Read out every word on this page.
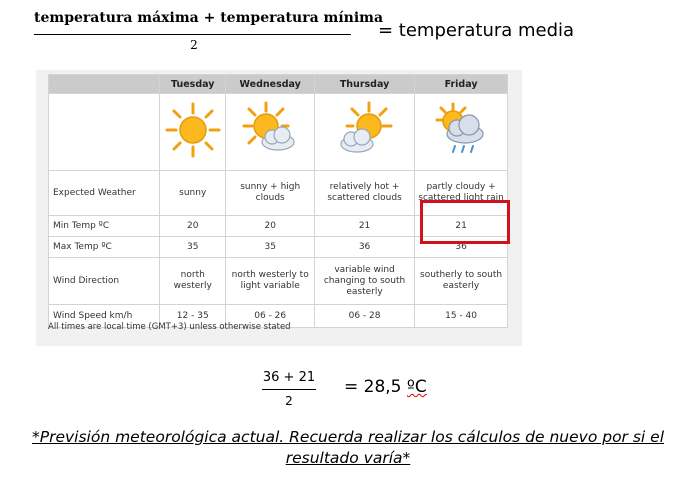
temperatura máxima + temperatura mínima
2
= temperatura media
	Tuesday	Wednesday	Thursday	Friday

Expected Weather	sunny	sunny + high clouds	relatively hot + scattered clouds	partly cloudy + scattered light rain
Min Temp ºC	20	20	21	21
Max Temp ºC	35	35	36	36
Wind Direction	north westerly	north westerly to light variable	variable wind changing to south easterly	southerly to south easterly
Wind Speed km/h	12 - 35	06 - 26	06 - 28	15 - 40
All times are local time (GMT+3) unless otherwise stated
36 + 21
2
= 28,5 ºC
*Previsión meteorológica actual. Recuerda realizar los cálculos de nuevo por si el resultado varía*
